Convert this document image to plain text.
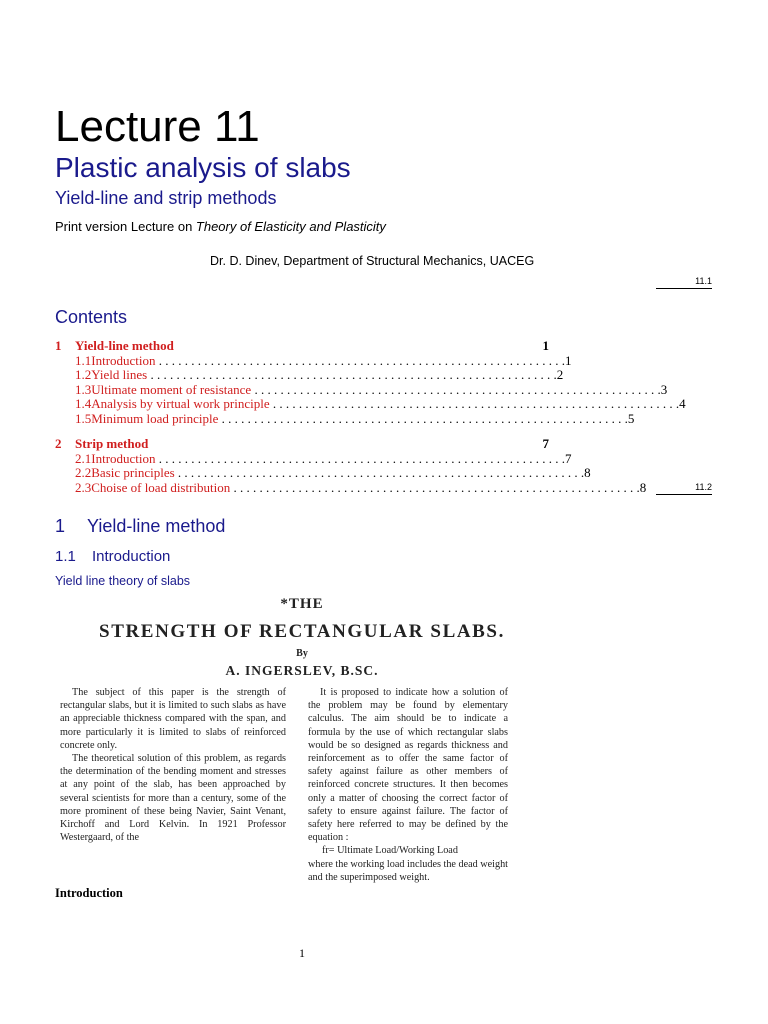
Lecture 11
Plastic analysis of slabs
Yield-line and strip methods
Print version Lecture on Theory of Elasticity and Plasticity
Dr. D. Dinev, Department of Structural Mechanics, UACEG
11.1
Contents
1	Yield-line method	1
1.1 Introduction . . .	1
1.2 Yield lines . . .	2
1.3 Ultimate moment of resistance . . .	3
1.4 Analysis by virtual work principle . . .	4
1.5 Minimum load principle . . .	5
2	Strip method	7
2.1 Introduction . . .	7
2.2 Basic principles . . .	8
2.3 Choise of load distribution . . .	8	11.2
1 Yield-line method
1.1 Introduction
Yield line theory of slabs
*THE
STRENGTH OF RECTANGULAR SLABS.
By
A. INGERSLEV, B.SC.

The subject of this paper is the strength of rectangular slabs, but it is limited to such slabs as have an appreciable thickness compared with the span, and more particularly it is limited to slabs of reinforced concrete only.

The theoretical solution of this problem, as regards the determination of the bending moment and stresses at any point of the slab, has been approached by several scientists for more than a century, some of the more prominent of these being Navier, Saint Venant, Kirchoff and Lord Kelvin. In 1921 Professor Westergaard, of the

It is proposed to indicate how a solution of the problem may be found by elementary calculus. The aim should be to indicate a formula by the use of which rectangular slabs would be so designed as regards thickness and reinforcement as to offer the same factor of safety against failure as other members of reinforced concrete structures. It then becomes only a matter of choosing the correct factor of safety to ensure against failure. The factor of safety here referred to may be defined by the equation :

fr= Ultimate Load/Working Load

where the working load includes the dead weight and the superimposed weight.

Introduction
1
